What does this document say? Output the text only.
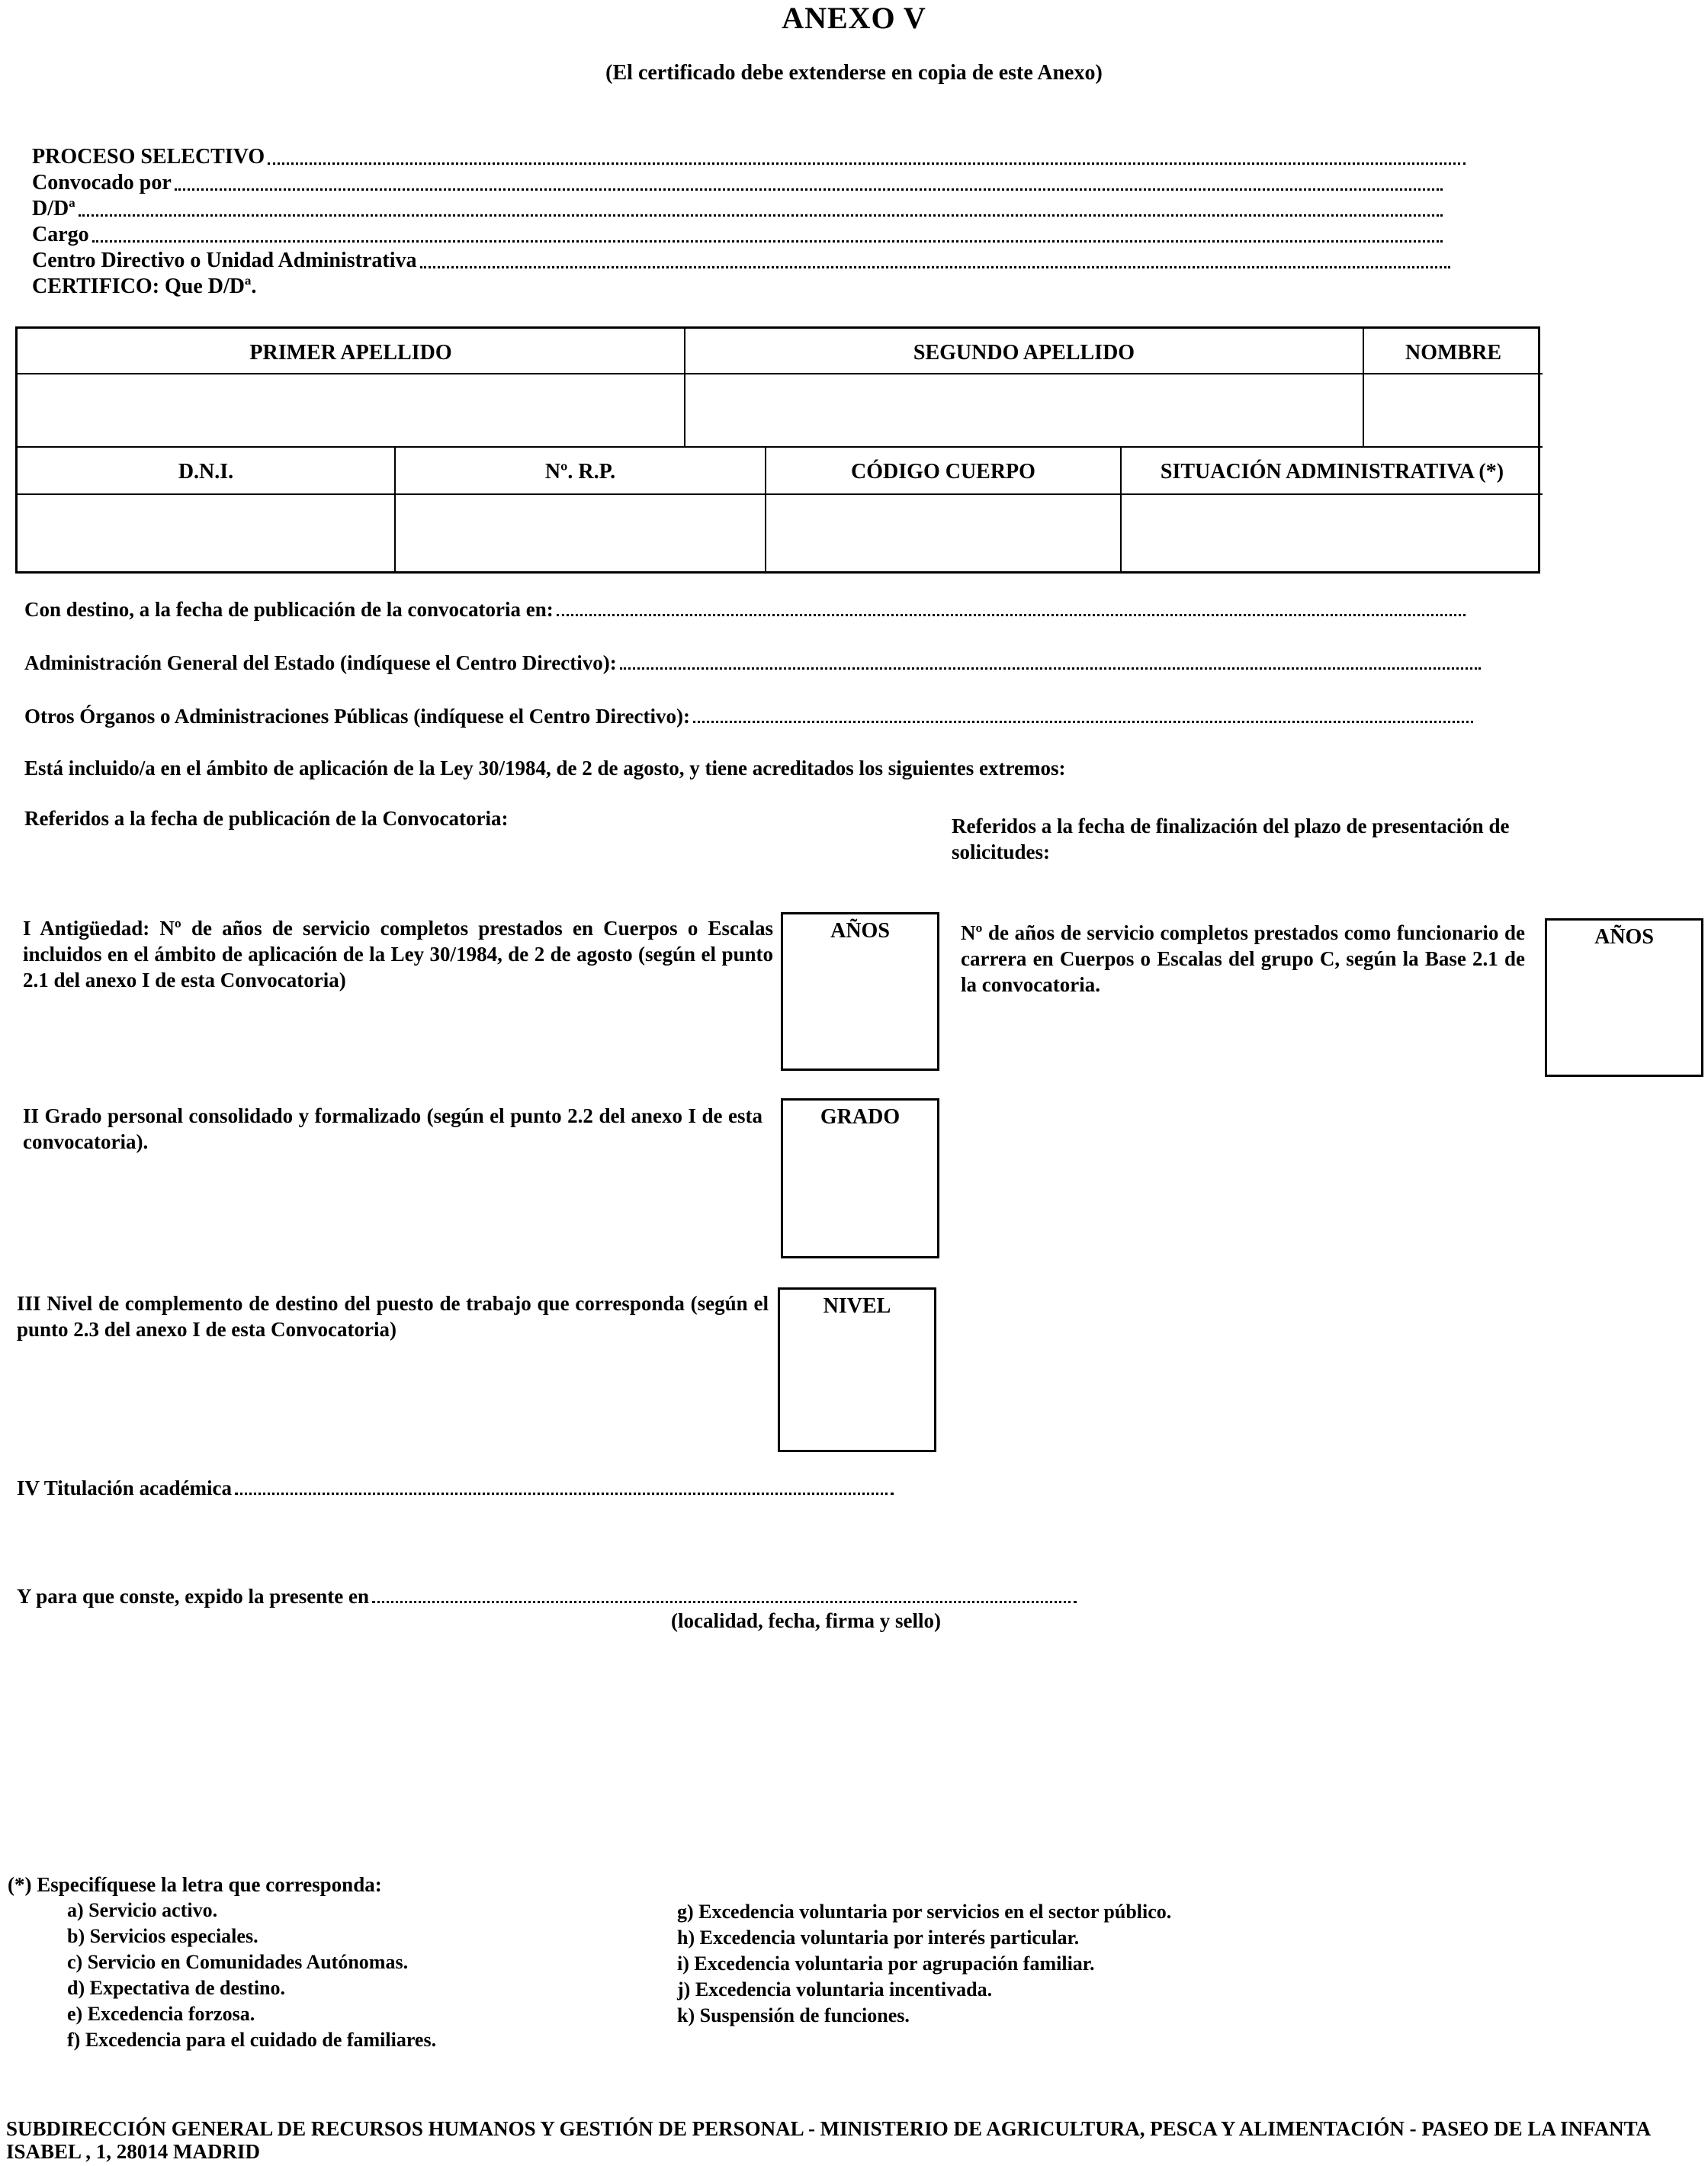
ANEXO V
(El certificado debe extenderse en copia de este Anexo)
PROCESO SELECTIVO
Convocado por
D/Dª
Cargo
Centro Directivo o Unidad Administrativa
CERTIFICO: Que D/Dª.
PRIMER APELLIDO	SEGUNDO APELLIDO	NOMBRE
D.N.I.	Nº. R.P.	CÓDIGO CUERPO	SITUACIÓN ADMINISTRATIVA (*)
Con destino, a la fecha de publicación de la convocatoria en:
Administración General del Estado (indíquese el Centro Directivo):
Otros Órganos o Administraciones Públicas (indíquese el Centro Directivo):
Está incluido/a en el ámbito de aplicación de la Ley 30/1984, de 2 de agosto, y tiene acreditados los siguientes extremos:
Referidos a la fecha de publicación de la Convocatoria:	Referidos a la fecha de finalización del plazo de presentación de solicitudes:
I Antigüedad: Nº de años de servicio completos prestados en Cuerpos o Escalas incluidos en el ámbito de aplicación de la Ley 30/1984, de 2 de agosto (según el punto 2.1 del anexo I de esta Convocatoria)
AÑOS	Nº de años de servicio completos prestados como funcionario de carrera en Cuerpos o Escalas del grupo C, según la Base 2.1 de la convocatoria.
AÑOS
II Grado personal consolidado y formalizado (según el punto 2.2 del anexo I de esta convocatoria).
GRADO
III Nivel de complemento de destino del puesto de trabajo que corresponda (según el punto 2.3 del anexo I de esta Convocatoria)
NIVEL
IV Titulación académica
Y para que conste, expido la presente en
(localidad, fecha, firma y sello)
(*) Especifíquese la letra que corresponda:
a) Servicio activo.
b) Servicios especiales.
c) Servicio en Comunidades Autónomas.
d) Expectativa de destino.
e) Excedencia forzosa.
f) Excedencia para el cuidado de familiares.
g) Excedencia voluntaria por servicios en el sector público.
h) Excedencia voluntaria por interés particular.
i) Excedencia voluntaria por agrupación familiar.
j) Excedencia voluntaria incentivada.
k) Suspensión de funciones.
SUBDIRECCIÓN GENERAL DE RECURSOS HUMANOS Y GESTIÓN DE PERSONAL - MINISTERIO DE AGRICULTURA, PESCA Y ALIMENTACIÓN - PASEO DE LA INFANTA ISABEL , 1, 28014 MADRID
